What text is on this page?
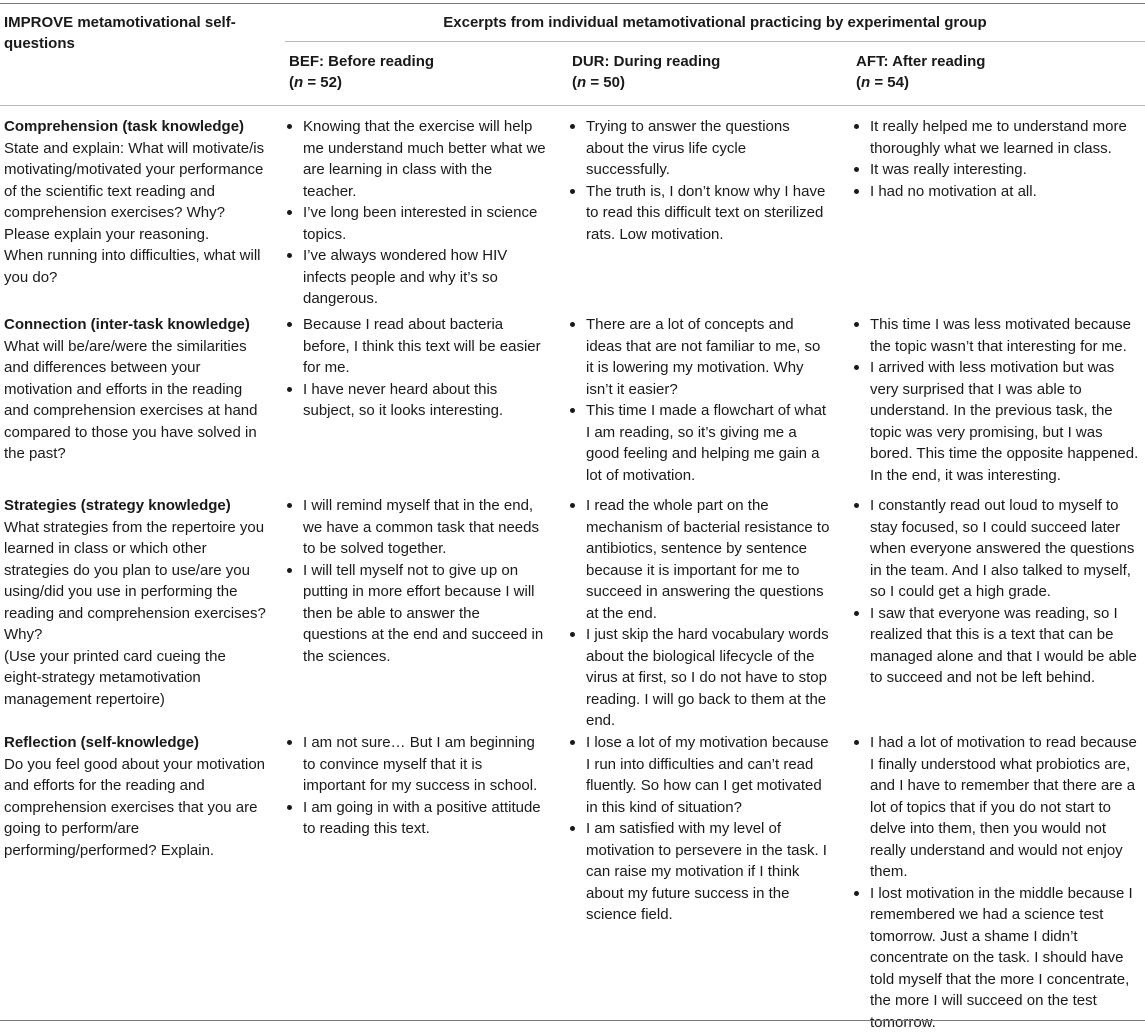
IMPROVE metamotivational self-questions
Excerpts from individual metamotivational practicing by experimental group
BEF: Before reading
(n = 52)
DUR: During reading
(n = 50)
AFT: After reading
(n = 54)
Comprehension (task knowledge)

State and explain: What will motivate/is motivating/motivated your performance of the scientific text reading and comprehension exercises? Why? Please explain your reasoning.

When running into difficulties, what will you do?

Knowing that the exercise will help me understand much better what we are learning in class with the teacher.
I’ve long been interested in science topics.
I’ve always wondered how HIV infects people and why it’s so dangerous.
Trying to answer the questions about the virus life cycle successfully.
The truth is, I don’t know why I have to read this difficult text on sterilized rats. Low motivation.
It really helped me to understand more thoroughly what we learned in class.
It was really interesting.
I had no motivation at all.
Connection (inter-task knowledge)

What will be/are/were the similarities and differences between your motivation and efforts in the reading and comprehension exercises at hand compared to those you have solved in the past?

Because I read about bacteria before, I think this text will be easier for me.
I have never heard about this subject, so it looks interesting.
There are a lot of concepts and ideas that are not familiar to me, so it is lowering my motivation. Why isn’t it easier?
This time I made a flowchart of what I am reading, so it’s giving me a good feeling and helping me gain a lot of motivation.
This time I was less motivated because the topic wasn’t that interesting for me.
I arrived with less motivation but was very surprised that I was able to understand. In the previous task, the topic was very promising, but I was bored. This time the opposite happened. In the end, it was interesting.
Strategies (strategy knowledge)

What strategies from the repertoire you learned in class or which other strategies do you plan to use/are you using/did you use in performing the reading and comprehension exercises? Why?

(Use your printed card cueing the eight-strategy metamotivation management repertoire)

I will remind myself that in the end, we have a common task that needs to be solved together.
I will tell myself not to give up on putting in more effort because I will then be able to answer the questions at the end and succeed in the sciences.
I read the whole part on the mechanism of bacterial resistance to antibiotics, sentence by sentence because it is important for me to succeed in answering the questions at the end.
I just skip the hard vocabulary words about the biological lifecycle of the virus at first, so I do not have to stop reading. I will go back to them at the end.
I constantly read out loud to myself to stay focused, so I could succeed later when everyone answered the questions in the team. And I also talked to myself, so I could get a high grade.
I saw that everyone was reading, so I realized that this is a text that can be managed alone and that I would be able to succeed and not be left behind.
Reflection (self-knowledge)

Do you feel good about your motivation and efforts for the reading and comprehension exercises that you are going to perform/are performing/performed? Explain.

I am not sure… But I am beginning to convince myself that it is important for my success in school.
I am going in with a positive attitude to reading this text.
I lose a lot of my motivation because I run into difficulties and can’t read fluently. So how can I get motivated in this kind of situation?
I am satisfied with my level of motivation to persevere in the task. I can raise my motivation if I think about my future success in the science field.
I had a lot of motivation to read because I finally understood what probiotics are, and I have to remember that there are a lot of topics that if you do not start to delve into them, then you would not really understand and would not enjoy them.
I lost motivation in the middle because I remembered we had a science test tomorrow. Just a shame I didn’t concentrate on the task. I should have told myself that the more I concentrate, the more I will succeed on the test tomorrow.
